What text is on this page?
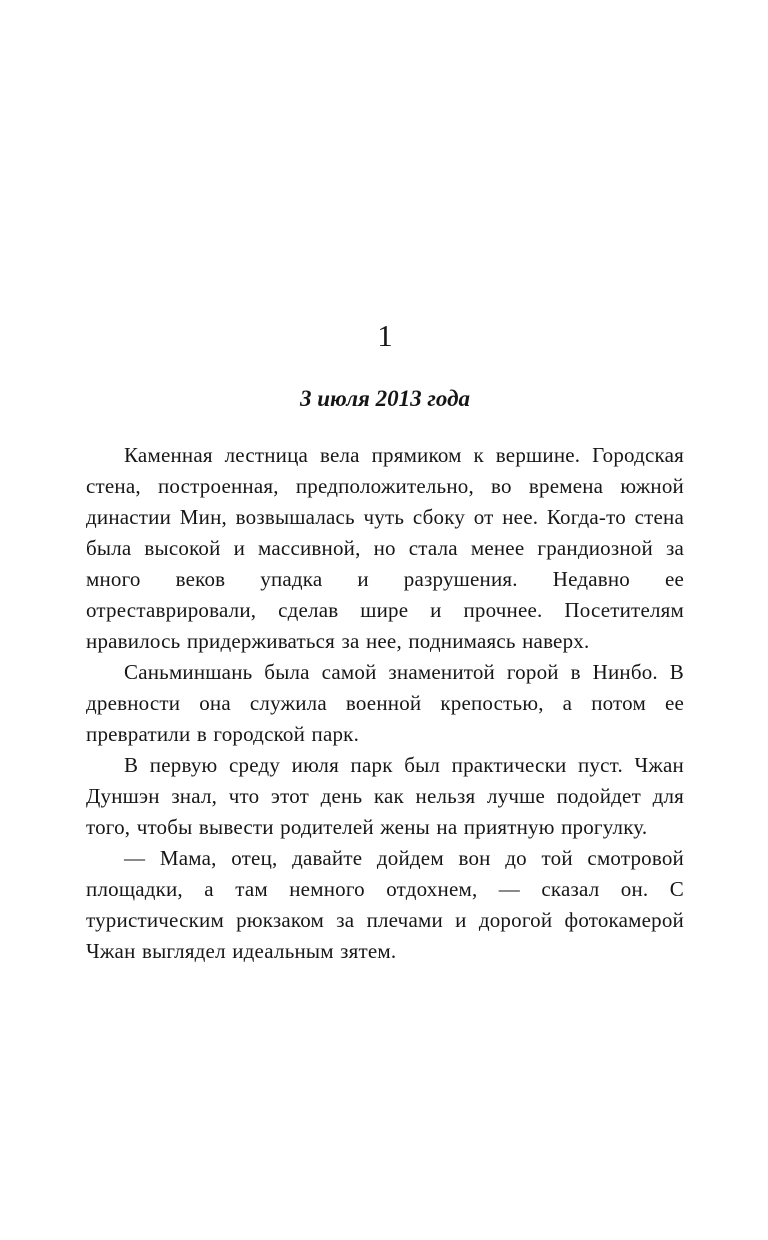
1
3 июля 2013 года

Каменная лестница вела прямиком к вершине. Городская стена, построенная, предположительно, во времена южной династии Мин, возвышалась чуть сбоку от нее. Когда-то стена была высокой и массивной, но стала менее грандиозной за много веков упадка и разрушения. Недавно ее отреставрировали, сделав шире и прочнее. Посетителям нравилось придерживаться за нее, поднимаясь наверх.

Саньминшань была самой знаменитой горой в Нинбо. В древности она служила военной крепостью, а потом ее превратили в городской парк.

В первую среду июля парк был практически пуст. Чжан Дуншэн знал, что этот день как нельзя лучше подойдет для того, чтобы вывести родителей жены на приятную прогулку.

— Мама, отец, давайте дойдем вон до той смотровой площадки, а там немного отдохнем, — сказал он. С туристическим рюкзаком за плечами и дорогой фотокамерой Чжан выглядел идеальным зятем.
